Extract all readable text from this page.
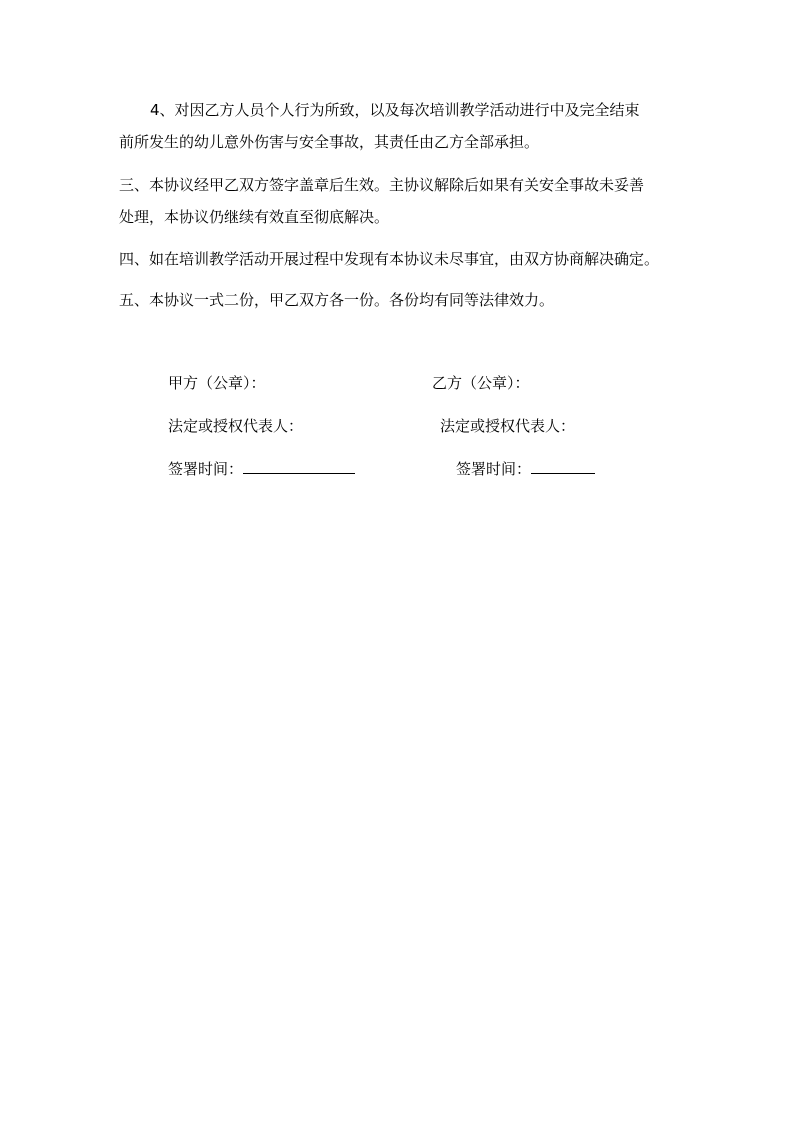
4、对因乙方人员个人行为所致，以及每次培训教学活动进行中及完全结束
前所发生的幼儿意外伤害与安全事故，其责任由乙方全部承担。
三、本协议经甲乙双方签字盖章后生效。主协议解除后如果有关安全事故未妥善
处理，本协议仍继续有效直至彻底解决。
四、如在培训教学活动开展过程中发现有本协议未尽事宜，由双方协商解决确定。
五、本协议一式二份，甲乙双方各一份。各份均有同等法律效力。
甲方（公章）：
法定或授权代表人：
签署时间：
乙方（公章）：
法定或授权代表人：
签署时间：
